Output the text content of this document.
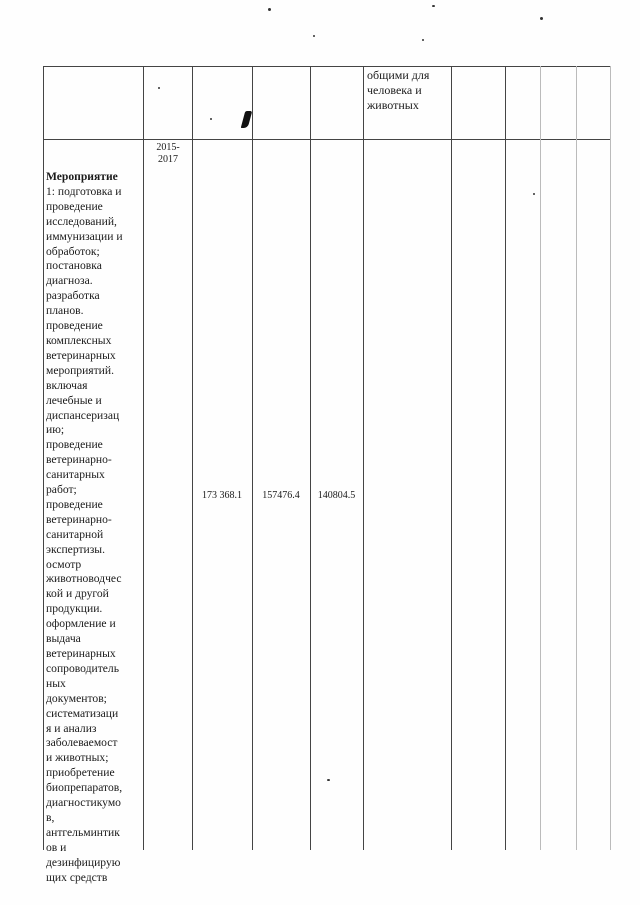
общими для
человека и
животных
Мероприятие
1: подготовка и
проведение
исследований,
иммунизации и
обработок;
постановка
диагноза.
разработка
планов.
проведение
комплексных
ветеринарных
мероприятий.
включая
лечебные и
диспансеризац
ию;
проведение
ветеринарно-
санитарных
работ;
проведение
ветеринарно-
санитарной
экспертизы.
осмотр
животноводчес
кой и другой
продукции.
оформление и
выдача
ветеринарных
сопроводитель
ных
документов;
систематизаци
я и анализ
заболеваемост
и животных;
приобретение
биопрепаратов,
диагностикумо
в,
антгельминтик
ов и
дезинфицирую
щих средств
2015-
2017
173 368.1	157476.4	140804.5
